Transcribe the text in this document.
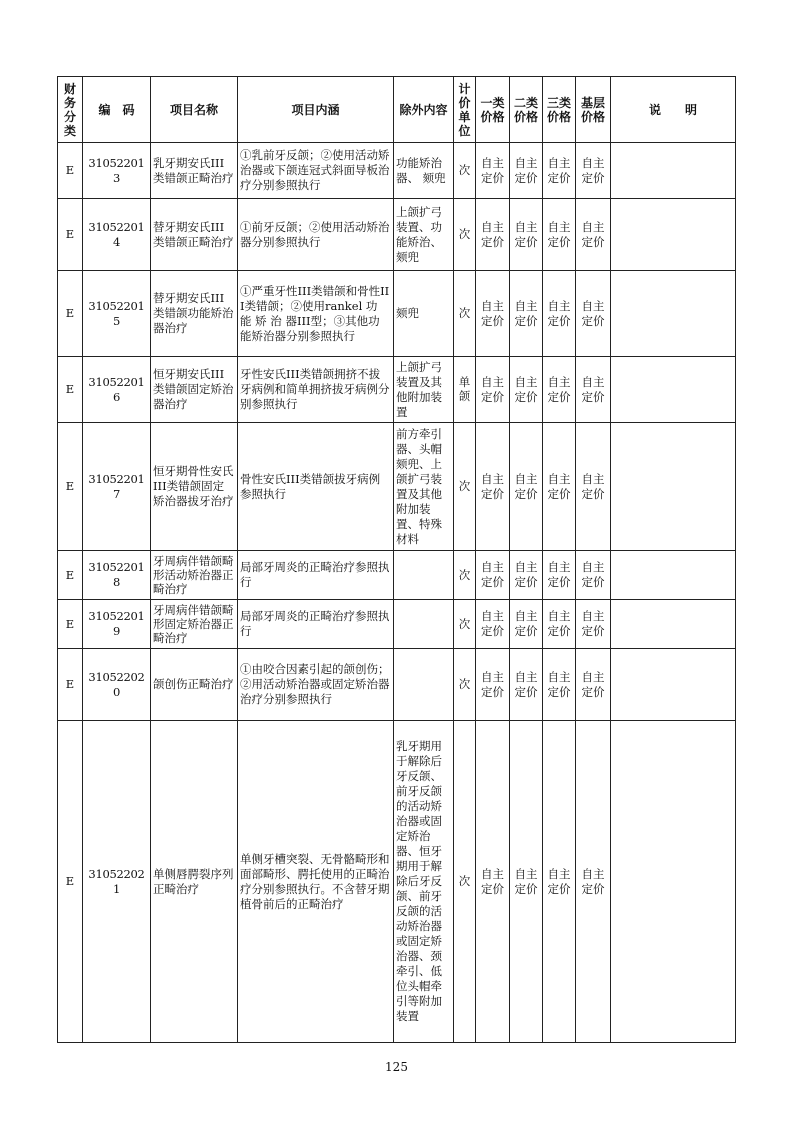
财务分类	编　码	项目名称	项目内涵	除外内容	计价单位	一类价格	二类价格	三类价格	基层价格	说　　明
E	310522013	乳牙期安氏III类错颌正畸治疗	①乳前牙反颌；②使用活动矫治器或下颌连冠式斜面导板治疗分别参照执行	功能矫治器、 颏兜	次	自主定价	自主定价	自主定价	自主定价	
E	310522014	替牙期安氏III类错颌正畸治疗	①前牙反颌；②使用活动矫治器分别参照执行	上颌扩弓装置、功能矫治、颏兜	次	自主定价	自主定价	自主定价	自主定价	
E	310522015	替牙期安氏III类错颌功能矫治器治疗	①严重牙性III类错颌和骨性III类错颌；②使用rankel 功 能 矫 治 器III型；③其他功能矫治器分别参照执行	颏兜	次	自主定价	自主定价	自主定价	自主定价	
E	310522016	恒牙期安氏III类错颌固定矫治器治疗	牙性安氏III类错颌拥挤不拔牙病例和简单拥挤拔牙病例分别参照执行	上颌扩弓装置及其他附加装置	单颌	自主定价	自主定价	自主定价	自主定价	
E	310522017	恒牙期骨性安氏III类错颌固定矫治器拔牙治疗	骨性安氏III类错颌拔牙病例参照执行	前方牵引器、头帽颏兜、上颌扩弓装置及其他附加装置、特殊材料	次	自主定价	自主定价	自主定价	自主定价	
E	310522018	牙周病伴错颌畸形活动矫治器正畸治疗	局部牙周炎的正畸治疗参照执行		次	自主定价	自主定价	自主定价	自主定价	
E	310522019	牙周病伴错颌畸形固定矫治器正畸治疗	局部牙周炎的正畸治疗参照执行		次	自主定价	自主定价	自主定价	自主定价	
E	310522020	颌创伤正畸治疗	①由咬合因素引起的颌创伤；②用活动矫治器或固定矫治器治疗分别参照执行		次	自主定价	自主定价	自主定价	自主定价	
E	310522021	单侧唇腭裂序列正畸治疗	单侧牙槽突裂、无骨骼畸形和面部畸形、腭托使用的正畸治疗分别参照执行。不含替牙期植骨前后的正畸治疗	乳牙期用于解除后牙反颌、前牙反颌的活动矫治器或固定矫治器、恒牙期用于解除后牙反颌、前牙反颌的活动矫治器或固定矫治器、颈牵引、低位头帽牵引等附加装置	次	自主定价	自主定价	自主定价	自主定价	
125
